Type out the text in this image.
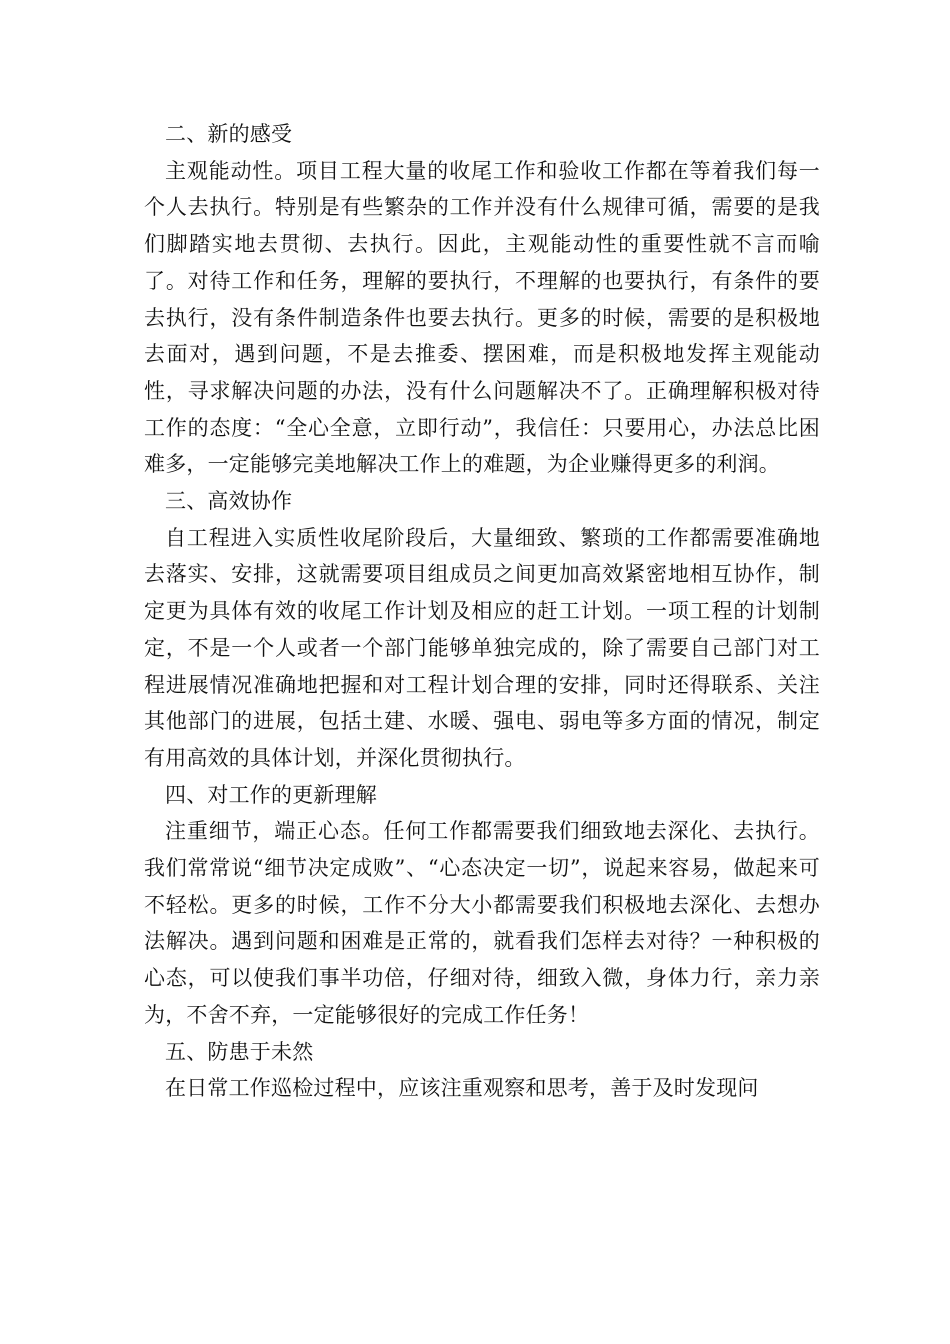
二、新的感受

主观能动性。项目工程大量的收尾工作和验收工作都在等着我们每一个人去执行。特别是有些繁杂的工作并没有什么规律可循，需要的是我们脚踏实地去贯彻、去执行。因此，主观能动性的重要性就不言而喻了。对待工作和任务，理解的要执行，不理解的也要执行，有条件的要去执行，没有条件制造条件也要去执行。更多的时候，需要的是积极地去面对，遇到问题，不是去推委、摆困难，而是积极地发挥主观能动性，寻求解决问题的办法，没有什么问题解决不了。正确理解积极对待工作的态度：“全心全意，立即行动”，我信任：只要用心，办法总比困难多，一定能够完美地解决工作上的难题，为企业赚得更多的利润。

三、高效协作

自工程进入实质性收尾阶段后，大量细致、繁琐的工作都需要准确地去落实、安排，这就需要项目组成员之间更加高效紧密地相互协作，制定更为具体有效的收尾工作计划及相应的赶工计划。一项工程的计划制定，不是一个人或者一个部门能够单独完成的，除了需要自己部门对工程进展情况准确地把握和对工程计划合理的安排，同时还得联系、关注其他部门的进展，包括土建、水暖、强电、弱电等多方面的情况，制定有用高效的具体计划，并深化贯彻执行。

四、对工作的更新理解

注重细节，端正心态。任何工作都需要我们细致地去深化、去执行。我们常常说“细节决定成败”、“心态决定一切”，说起来容易，做起来可不轻松。更多的时候，工作不分大小都需要我们积极地去深化、去想办法解决。遇到问题和困难是正常的，就看我们怎样去对待？一种积极的心态，可以使我们事半功倍，仔细对待，细致入微，身体力行，亲力亲为，不舍不弃，一定能够很好的完成工作任务！

五、防患于未然

在日常工作巡检过程中，应该注重观察和思考，善于及时发现问
